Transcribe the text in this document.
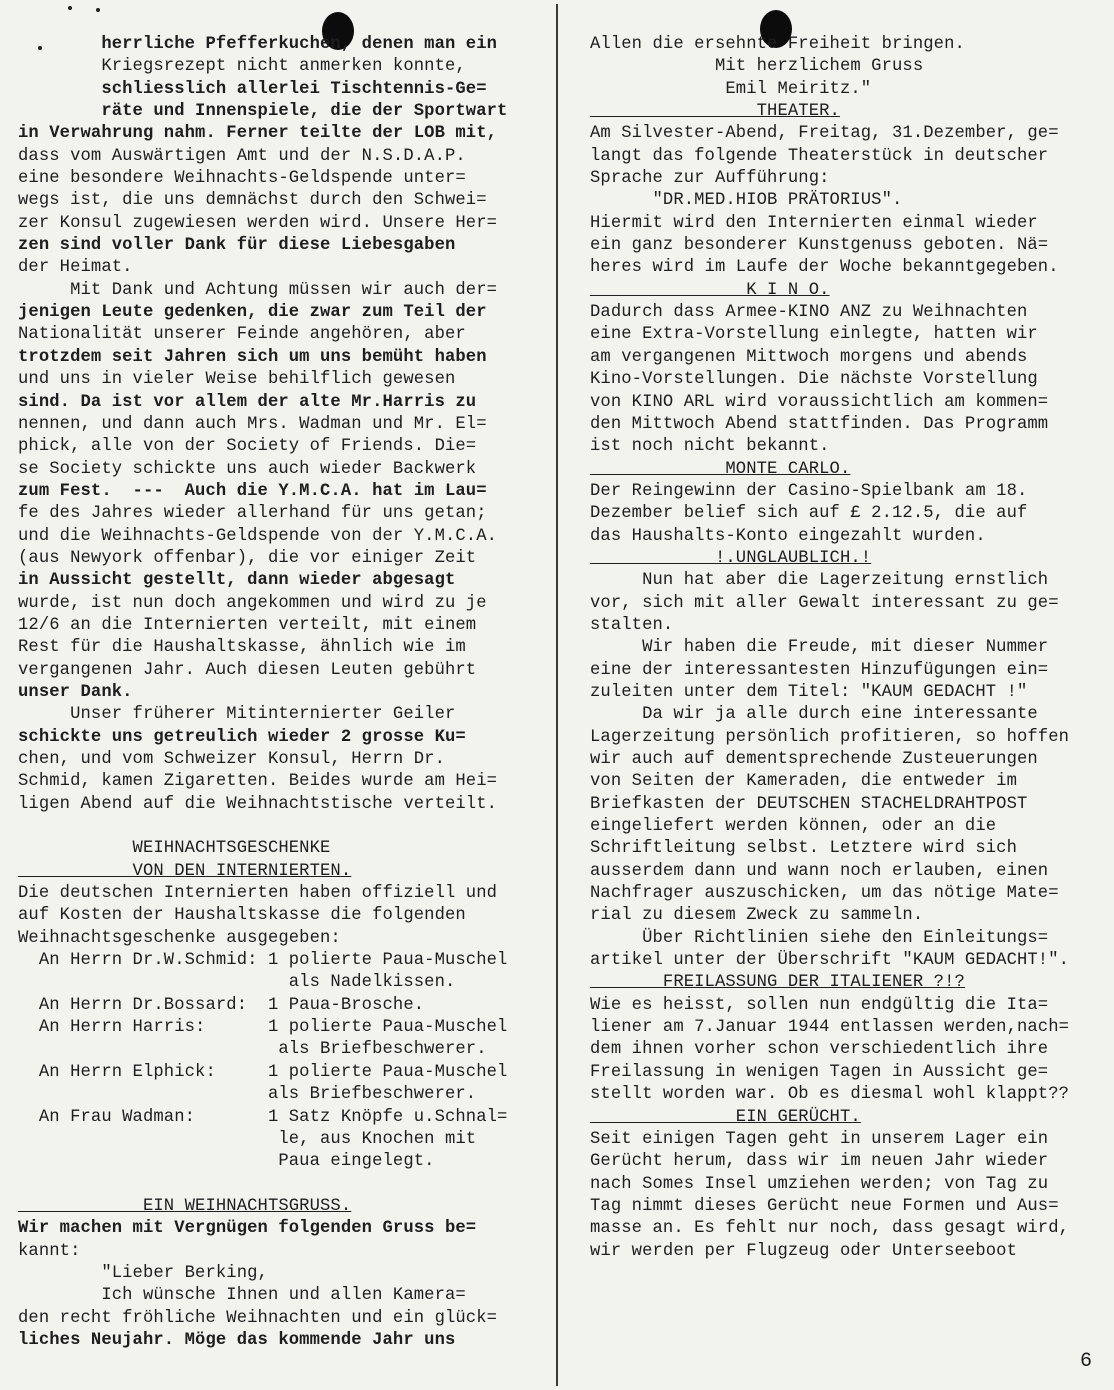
herrliche Pfefferkuchen, denen man ein

Kriegsrezept nicht anmerken konnte,

schliesslich allerlei Tischtennis-Ge=

räte und Innenspiele, die der Sportwart

in Verwahrung nahm. Ferner teilte der LOB mit,

dass vom Auswärtigen Amt und der N.S.D.A.P.

eine besondere Weihnachts-Geldspende unter=

wegs ist, die uns demnächst durch den Schwei=

zer Konsul zugewiesen werden wird. Unsere Her=

zen sind voller Dank für diese Liebesgaben

der Heimat.

Mit Dank und Achtung müssen wir auch der=

jenigen Leute gedenken, die zwar zum Teil der

Nationalität unserer Feinde angehören, aber

trotzdem seit Jahren sich um uns bemüht haben

und uns in vieler Weise behilflich gewesen

sind. Da ist vor allem der alte Mr.Harris zu

nennen, und dann auch Mrs. Wadman und Mr. El=

phick, alle von der Society of Friends. Die=

se Society schickte uns auch wieder Backwerk

zum Fest.  ---  Auch die Y.M.C.A. hat im Lau=

fe des Jahres wieder allerhand für uns getan;

und die Weihnachts-Geldspende von der Y.M.C.A.

(aus Newyork offenbar), die vor einiger Zeit

in Aussicht gestellt, dann wieder abgesagt

wurde, ist nun doch angekommen und wird zu je

12/6 an die Internierten verteilt, mit einem

Rest für die Haushaltskasse, ähnlich wie im

vergangenen Jahr. Auch diesen Leuten gebührt

unser Dank.

Unser früherer Mitinternierter Geiler

schickte uns getreulich wieder 2 grosse Ku=

chen, und vom Schweizer Konsul, Herrn Dr.

Schmid, kamen Zigaretten. Beides wurde am Hei=

ligen Abend auf die Weihnachtstische verteilt.

WEIHNACHTSGESCHENKE

VON DEN INTERNIERTEN.

Die deutschen Internierten haben offiziell und

auf Kosten der Haushaltskasse die folgenden

Weihnachtsgeschenke ausgegeben:

An Herrn Dr.W.Schmid: 1 polierte Paua-Muschel

als Nadelkissen.

An Herrn Dr.Bossard:  1 Paua-Brosche.

An Herrn Harris:      1 polierte Paua-Muschel

als Briefbeschwerer.

An Herrn Elphick:     1 polierte Paua-Muschel

als Briefbeschwerer.

An Frau Wadman:       1 Satz Knöpfe u.Schnal=

le, aus Knochen mit

Paua eingelegt.

EIN WEIHNACHTSGRUSS.

Wir machen mit Vergnügen folgenden Gruss be=

kannt:

"Lieber Berking,

Ich wünsche Ihnen und allen Kamera=

den recht fröhliche Weihnachten und ein glück=

liches Neujahr. Möge das kommende Jahr uns

Allen die ersehnte Freiheit bringen.

Mit herzlichem Gruss

Emil Meiritz."

THEATER.

Am Silvester-Abend, Freitag, 31.Dezember, ge=

langt das folgende Theaterstück in deutscher

Sprache zur Aufführung:

"DR.MED.HIOB PRÄTORIUS".

Hiermit wird den Internierten einmal wieder

ein ganz besonderer Kunstgenuss geboten. Nä=

heres wird im Laufe der Woche bekanntgegeben.

K I N O.

Dadurch dass Armee-KINO ANZ zu Weihnachten

eine Extra-Vorstellung einlegte, hatten wir

am vergangenen Mittwoch morgens und abends

Kino-Vorstellungen. Die nächste Vorstellung

von KINO ARL wird voraussichtlich am kommen=

den Mittwoch Abend stattfinden. Das Programm

ist noch nicht bekannt.

MONTE CARLO.

Der Reingewinn der Casino-Spielbank am 18.

Dezember belief sich auf £ 2.12.5, die auf

das Haushalts-Konto eingezahlt wurden.

!.UNGLAUBLICH.!

Nun hat aber die Lagerzeitung ernstlich

vor, sich mit aller Gewalt interessant zu ge=

stalten.

Wir haben die Freude, mit dieser Nummer

eine der interessantesten Hinzufügungen ein=

zuleiten unter dem Titel: "KAUM GEDACHT !"

Da wir ja alle durch eine interessante

Lagerzeitung persönlich profitieren, so hoffen

wir auch auf dementsprechende Zusteuerungen

von Seiten der Kameraden, die entweder im

Briefkasten der DEUTSCHEN STACHELDRAHTPOST

eingeliefert werden können, oder an die

Schriftleitung selbst. Letztere wird sich

ausserdem dann und wann noch erlauben, einen

Nachfrager auszuschicken, um das nötige Mate=

rial zu diesem Zweck zu sammeln.

Über Richtlinien siehe den Einleitungs=

artikel unter der Überschrift "KAUM GEDACHT!".

FREILASSUNG DER ITALIENER ?!?

Wie es heisst, sollen nun endgültig die Ita=

liener am 7.Januar 1944 entlassen werden,nach=

dem ihnen vorher schon verschiedentlich ihre

Freilassung in wenigen Tagen in Aussicht ge=

stellt worden war. Ob es diesmal wohl klappt??

EIN GERÜCHT.

Seit einigen Tagen geht in unserem Lager ein

Gerücht herum, dass wir im neuen Jahr wieder

nach Somes Insel umziehen werden; von Tag zu

Tag nimmt dieses Gerücht neue Formen und Aus=

masse an. Es fehlt nur noch, dass gesagt wird,

wir werden per Flugzeug oder Unterseeboot

6
